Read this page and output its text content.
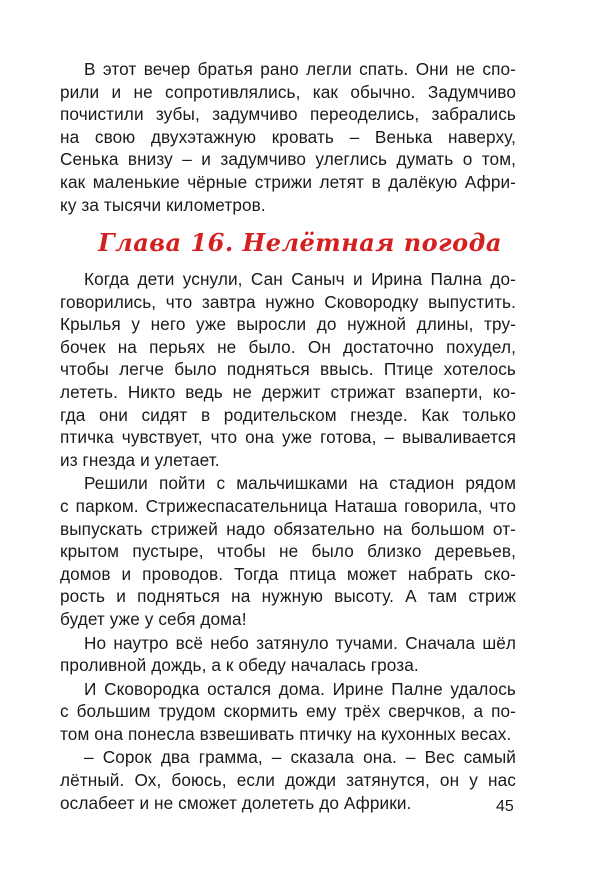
В этот вечер братья рано легли спать. Они не спо-
рили и не сопротивлялись, как обычно. Задумчиво
почистили зубы, задумчиво переоделись, забрались
на свою двухэтажную кровать – Венька наверху,
Сенька внизу – и задумчиво улеглись думать о том,
как маленькие чёрные стрижи летят в далёкую Афри-
ку за тысячи километров.
Глава 16. Нелётная погода
Когда дети уснули, Сан Саныч и Ирина Пална до-
говорились, что завтра нужно Сковородку выпустить.
Крылья у него уже выросли до нужной длины, тру-
бочек на перьях не было. Он достаточно похудел,
чтобы легче было подняться ввысь. Птице хотелось
лететь. Никто ведь не держит стрижат взаперти, ко-
гда они сидят в родительском гнезде. Как только
птичка чувствует, что она уже готова, – вываливается
из гнезда и улетает.
Решили пойти с мальчишками на стадион рядом
с парком. Стрижеспасательница Наташа говорила, что
выпускать стрижей надо обязательно на большом от-
крытом пустыре, чтобы не было близко деревьев,
домов и проводов. Тогда птица может набрать ско-
рость и подняться на нужную высоту. А там стриж
будет уже у себя дома!
Но наутро всё небо затянуло тучами. Сначала шёл
проливной дождь, а к обеду началась гроза.
И Сковородка остался дома. Ирине Палне удалось
с большим трудом скормить ему трёх сверчков, а по-
том она понесла взвешивать птичку на кухонных весах.
– Сорок два грамма, – сказала она. – Вес самый
лётный. Ох, боюсь, если дожди затянутся, он у нас
ослабеет и не сможет долететь до Африки.	45
